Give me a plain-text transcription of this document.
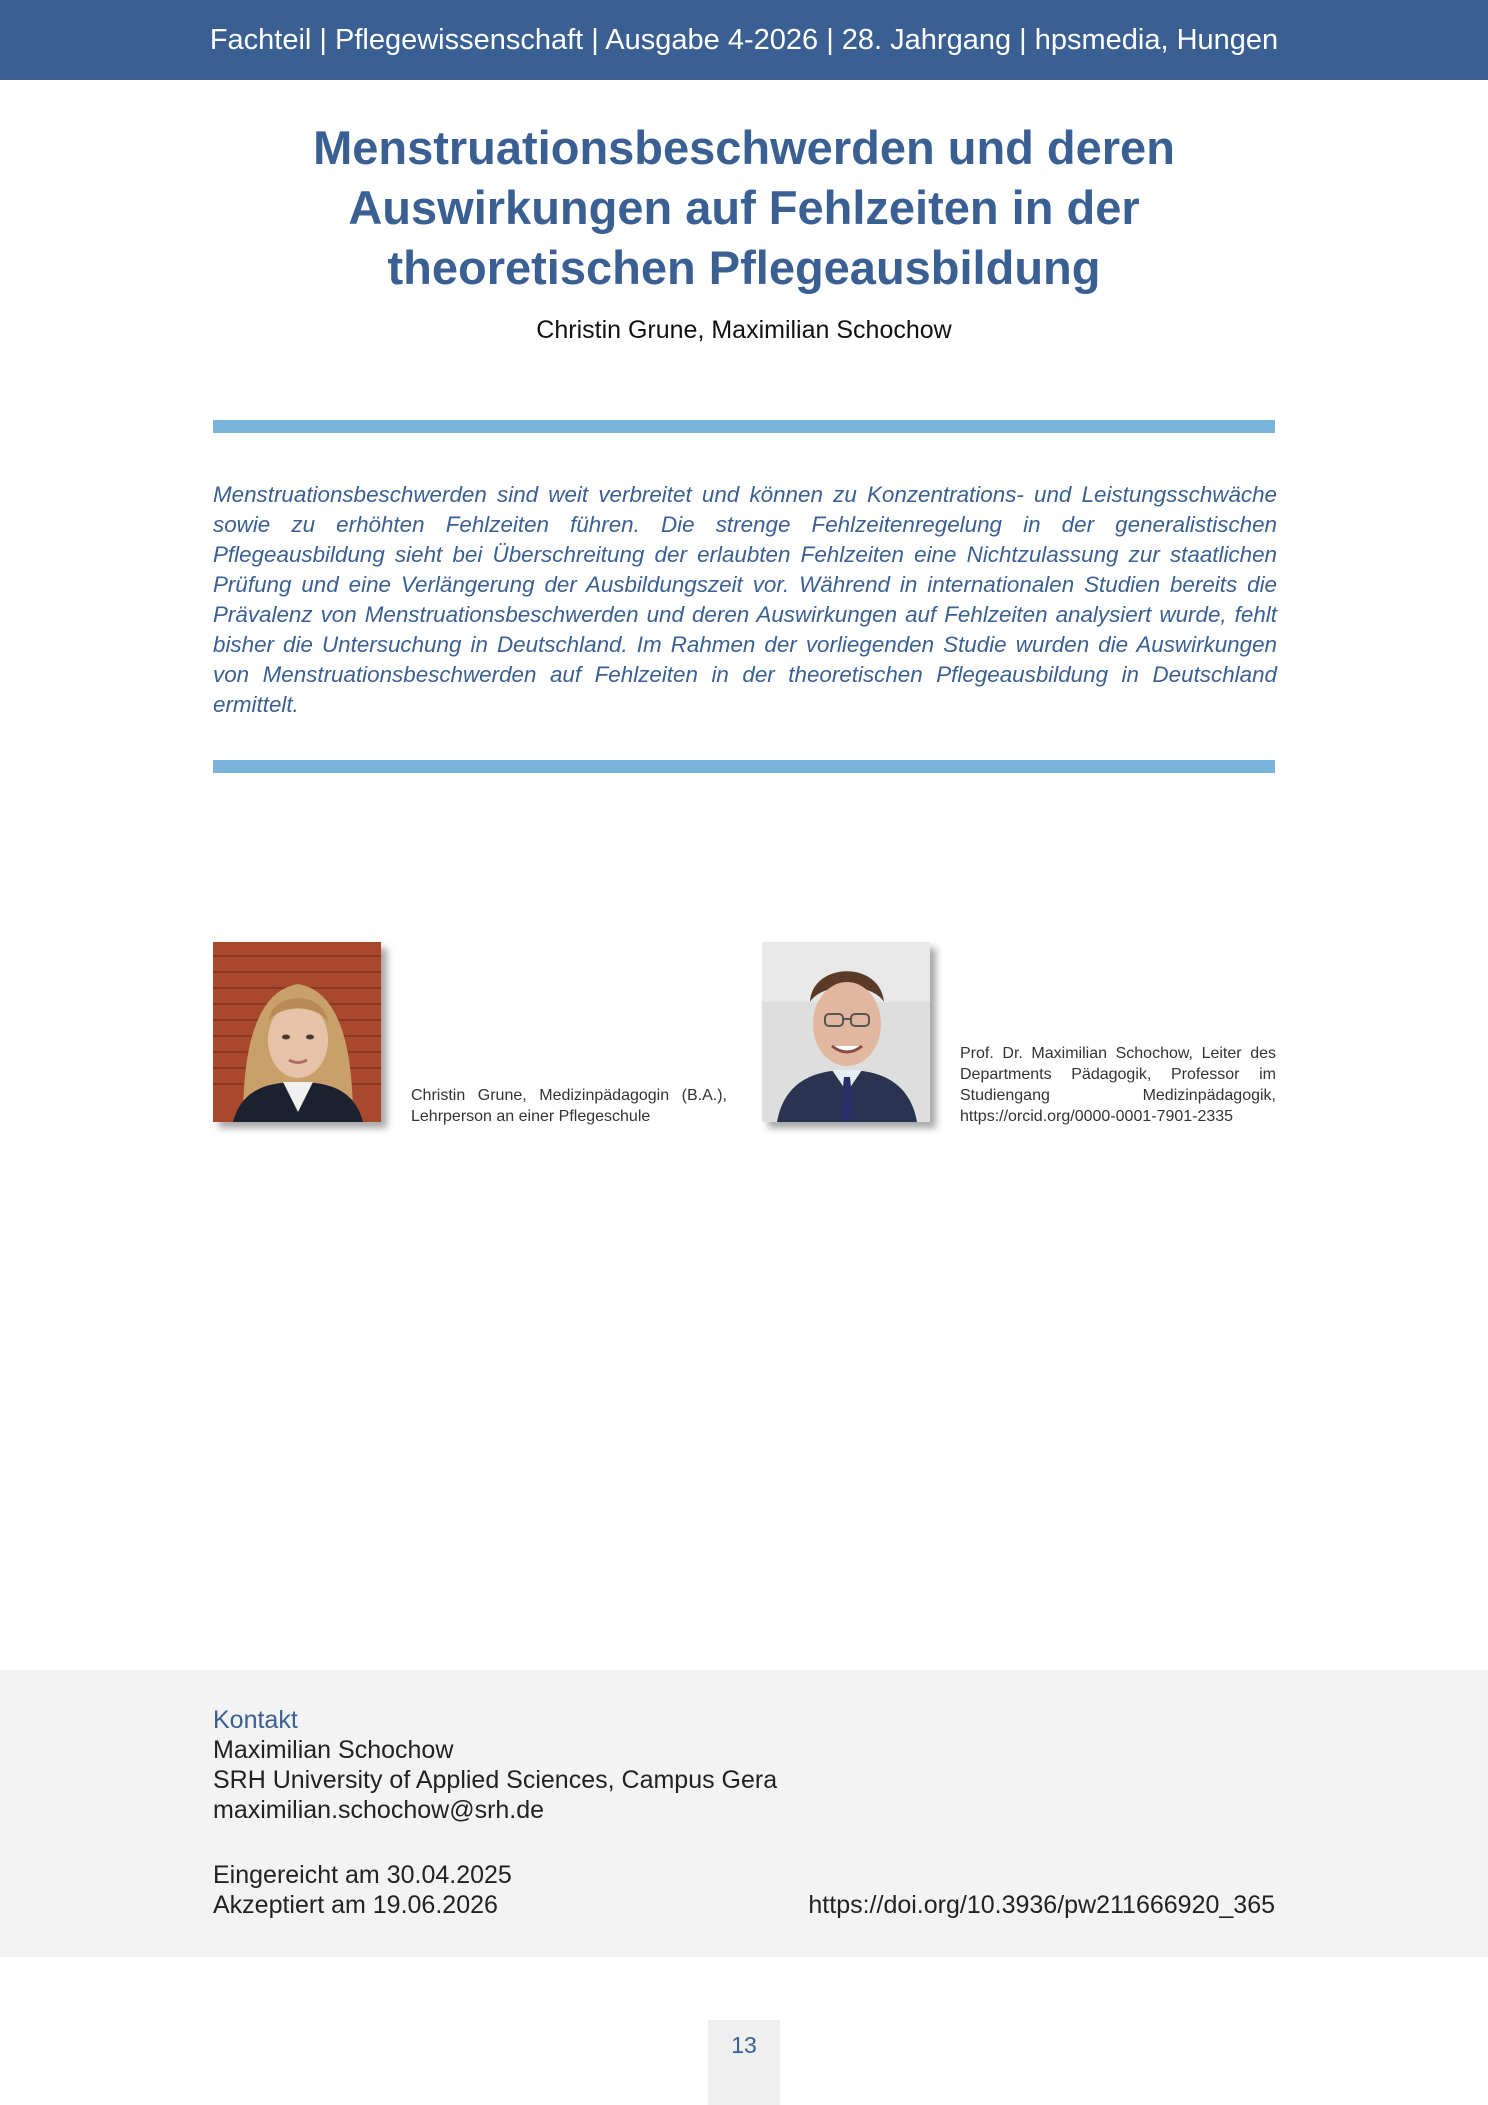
Fachteil | Pflegewissenschaft | Ausgabe 4-2026 | 28. Jahrgang | hpsmedia, Hungen
Menstruationsbeschwerden und deren
Auswirkungen auf Fehlzeiten in der
theoretischen Pflegeausbildung
Christin Grune, Maximilian Schochow

Menstruationsbeschwerden sind weit verbreitet und können zu Konzentrations- und Leistungsschwäche sowie zu erhöhten Fehlzeiten führen. Die strenge Fehlzeitenregelung in der generalistischen Pflegeausbildung sieht bei Überschreitung der erlaubten Fehlzeiten eine Nichtzulassung zur staatlichen Prüfung und eine Verlängerung der Ausbildungszeit vor. Während in internationalen Studien bereits die Prävalenz von Menstruationsbeschwerden und deren Auswirkungen auf Fehlzeiten analysiert wurde, fehlt bisher die Untersuchung in Deutschland. Im Rahmen der vorliegenden Studie wurden die Auswirkungen von Menstruationsbeschwerden auf Fehlzeiten in der theoretischen Pflegeausbildung in Deutschland ermittelt.

Christin Grune, Medizinpädagogin (B.A.), Lehrperson an einer Pflegeschule
Prof. Dr. Maximilian Schochow, Leiter des Departments Pädagogik, Professor im Studiengang Medizinpädagogik, https://orcid.org/0000-0001-7901-2335
Kontakt
Maximilian Schochow
SRH University of Applied Sciences, Campus Gera
maximilian.schochow@srh.de
Eingereicht am 30.04.2025
Akzeptiert am 19.06.2026	https://doi.org/10.3936/pw211666920_365
13
